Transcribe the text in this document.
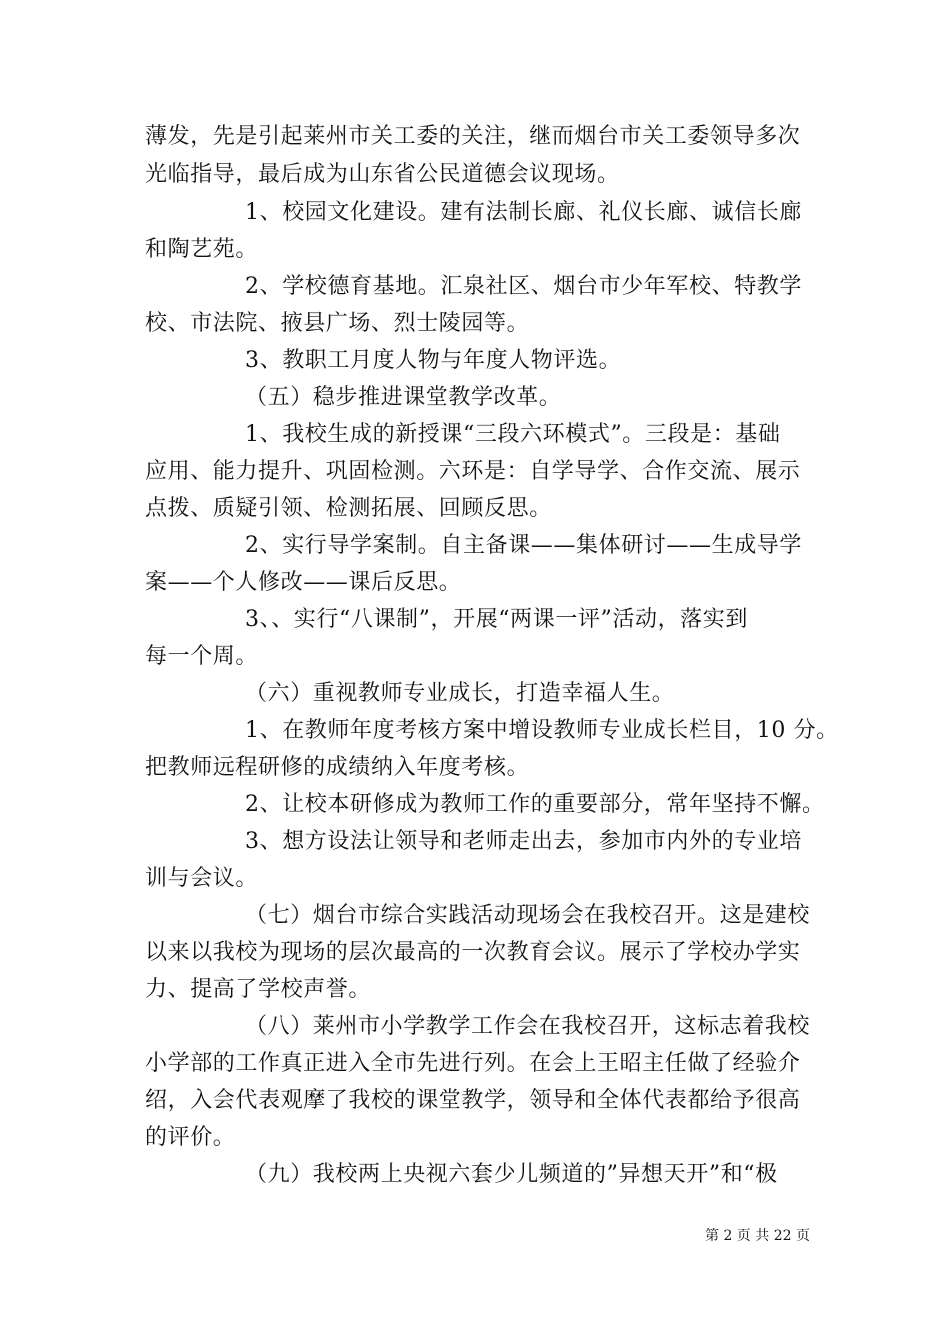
薄发，先是引起莱州市关工委的关注，继而烟台市关工委领导多次
光临指导，最后成为山东省公民道德会议现场。
1、校园文化建设。建有法制长廊、礼仪长廊、诚信长廊
和陶艺苑。
2、学校德育基地。汇泉社区、烟台市少年军校、特教学
校、市法院、掖县广场、烈士陵园等。
3、教职工月度人物与年度人物评选。
（五）稳步推进课堂教学改革。
1、我校生成的新授课“三段六环模式”。三段是：基础
应用、能力提升、巩固检测。六环是：自学导学、合作交流、展示
点拨、质疑引领、检测拓展、回顾反思。
2、实行导学案制。自主备课——集体研讨——生成导学
案——个人修改——课后反思。
3、、实行“八课制”，开展“两课一评”活动，落实到
每一个周。
（六）重视教师专业成长，打造幸福人生。
1、在教师年度考核方案中增设教师专业成长栏目，10 分。
把教师远程研修的成绩纳入年度考核。
2、让校本研修成为教师工作的重要部分，常年坚持不懈。
3、想方设法让领导和老师走出去，参加市内外的专业培
训与会议。
（七）烟台市综合实践活动现场会在我校召开。这是建校
以来以我校为现场的层次最高的一次教育会议。展示了学校办学实
力、提高了学校声誉。
（八）莱州市小学教学工作会在我校召开，这标志着我校
小学部的工作真正进入全市先进行列。在会上王昭主任做了经验介
绍，入会代表观摩了我校的课堂教学，领导和全体代表都给予很高
的评价。
（九）我校两上央视六套少儿频道的”异想天开”和“极
第 2 页 共 22 页
